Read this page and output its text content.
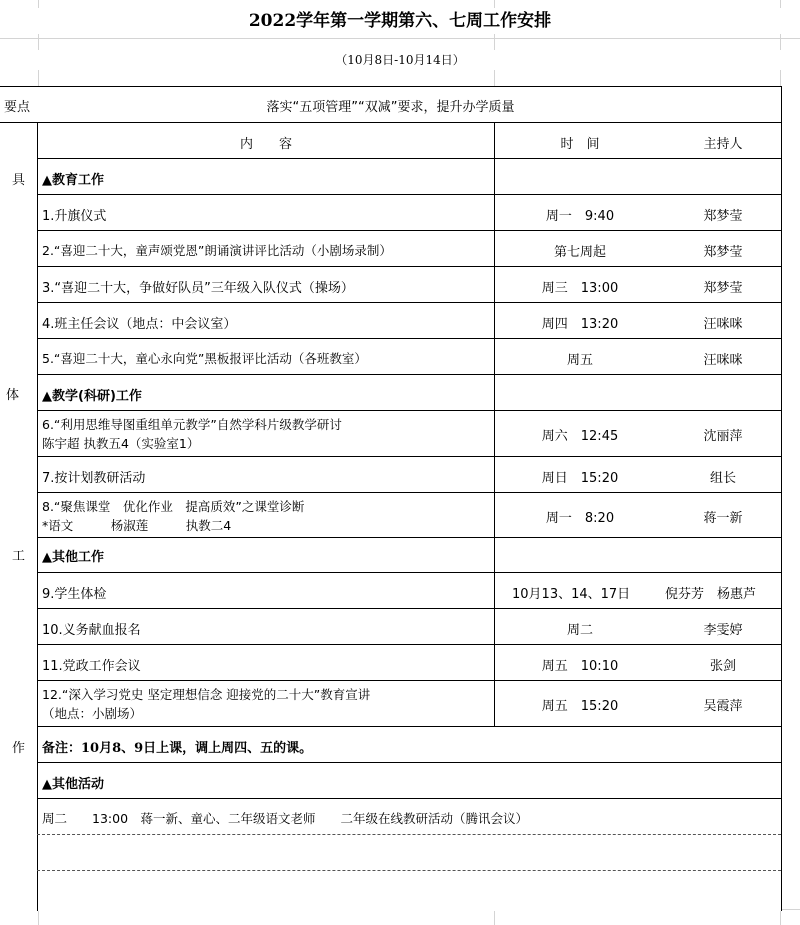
2022学年第一学期第六、七周工作安排
（10月8日-10月14日）
要点	落实“五项管理”“双减”要求，提升办学质量
内　　容	时　间	主持人
具
体
工
作
▲教育工作
1.升旗仪式	周一　9:40	郑梦莹
2.“喜迎二十大，童声颂党恩”朗诵演讲评比活动（小剧场录制）	第七周起	郑梦莹
3.“喜迎二十大，争做好队员”三年级入队仪式（操场）	周三　13:00	郑梦莹
4.班主任会议（地点：中会议室）	周四　13:20	汪咪咪
5.“喜迎二十大，童心永向党”黑板报评比活动（各班教室）	周五	汪咪咪
▲教学(科研)工作
6.“利用思维导图重组单元教学”自然学科片级教学研讨
陈宇超 执教五4（实验室1）	周六　12:45	沈丽萍
7.按计划教研活动	周日　15:20	组长
8.“聚焦课堂　优化作业　提高质效”之课堂诊断
*语文　　　杨淑莲　　　执教二4	周一　8:20	蒋一新
▲其他工作
9.学生体检	10月13、14、17日	倪芬芳　杨惠芦
10.义务献血报名	周二	李雯婷
11.党政工作会议	周五　10:10	张剑
12.“深入学习党史 坚定理想信念 迎接党的二十大”教育宣讲
（地点：小剧场）	周五　15:20	吴霞萍
备注：10月8、9日上课，调上周四、五的课。
▲其他活动
周二　　13:00　蒋一新、童心、二年级语文老师　　二年级在线教研活动（腾讯会议）
